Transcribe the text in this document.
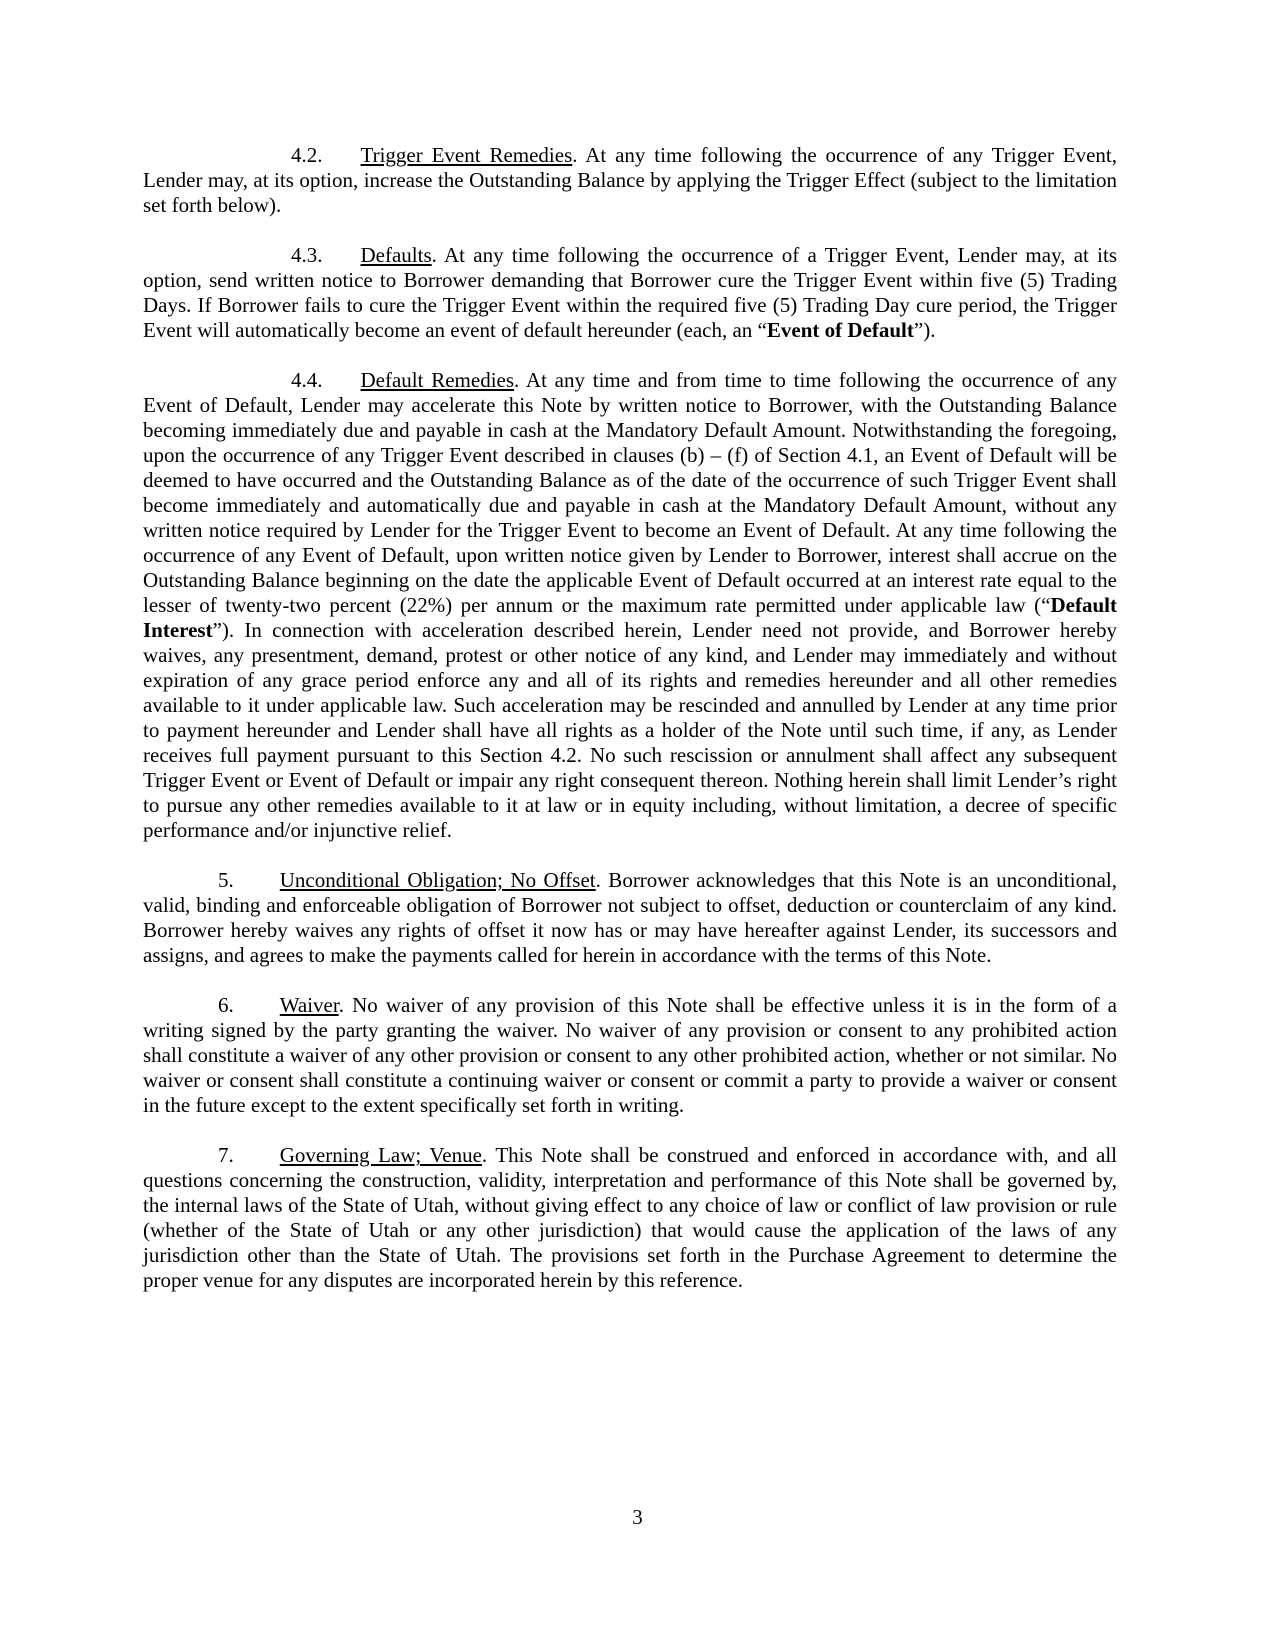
4.2. Trigger Event Remedies. At any time following the occurrence of any Trigger Event, Lender may, at its option, increase the Outstanding Balance by applying the Trigger Effect (subject to the limitation set forth below).

4.3. Defaults. At any time following the occurrence of a Trigger Event, Lender may, at its option, send written notice to Borrower demanding that Borrower cure the Trigger Event within five (5) Trading Days. If Borrower fails to cure the Trigger Event within the required five (5) Trading Day cure period, the Trigger Event will automatically become an event of default hereunder (each, an “Event of Default”).

4.4. Default Remedies. At any time and from time to time following the occurrence of any Event of Default, Lender may accelerate this Note by written notice to Borrower, with the Outstanding Balance becoming immediately due and payable in cash at the Mandatory Default Amount. Notwithstanding the foregoing, upon the occurrence of any Trigger Event described in clauses (b) – (f) of Section 4.1, an Event of Default will be deemed to have occurred and the Outstanding Balance as of the date of the occurrence of such Trigger Event shall become immediately and automatically due and payable in cash at the Mandatory Default Amount, without any written notice required by Lender for the Trigger Event to become an Event of Default. At any time following the occurrence of any Event of Default, upon written notice given by Lender to Borrower, interest shall accrue on the Outstanding Balance beginning on the date the applicable Event of Default occurred at an interest rate equal to the lesser of twenty-two percent (22%) per annum or the maximum rate permitted under applicable law (“Default Interest”). In connection with acceleration described herein, Lender need not provide, and Borrower hereby waives, any presentment, demand, protest or other notice of any kind, and Lender may immediately and without expiration of any grace period enforce any and all of its rights and remedies hereunder and all other remedies available to it under applicable law. Such acceleration may be rescinded and annulled by Lender at any time prior to payment hereunder and Lender shall have all rights as a holder of the Note until such time, if any, as Lender receives full payment pursuant to this Section 4.2. No such rescission or annulment shall affect any subsequent Trigger Event or Event of Default or impair any right consequent thereon. Nothing herein shall limit Lender’s right to pursue any other remedies available to it at law or in equity including, without limitation, a decree of specific performance and/or injunctive relief.

5. Unconditional Obligation; No Offset. Borrower acknowledges that this Note is an unconditional, valid, binding and enforceable obligation of Borrower not subject to offset, deduction or counterclaim of any kind. Borrower hereby waives any rights of offset it now has or may have hereafter against Lender, its successors and assigns, and agrees to make the payments called for herein in accordance with the terms of this Note.

6. Waiver. No waiver of any provision of this Note shall be effective unless it is in the form of a writing signed by the party granting the waiver. No waiver of any provision or consent to any prohibited action shall constitute a waiver of any other provision or consent to any other prohibited action, whether or not similar. No waiver or consent shall constitute a continuing waiver or consent or commit a party to provide a waiver or consent in the future except to the extent specifically set forth in writing.

7. Governing Law; Venue. This Note shall be construed and enforced in accordance with, and all questions concerning the construction, validity, interpretation and performance of this Note shall be governed by, the internal laws of the State of Utah, without giving effect to any choice of law or conflict of law provision or rule (whether of the State of Utah or any other jurisdiction) that would cause the application of the laws of any jurisdiction other than the State of Utah. The provisions set forth in the Purchase Agreement to determine the proper venue for any disputes are incorporated herein by this reference.

3
